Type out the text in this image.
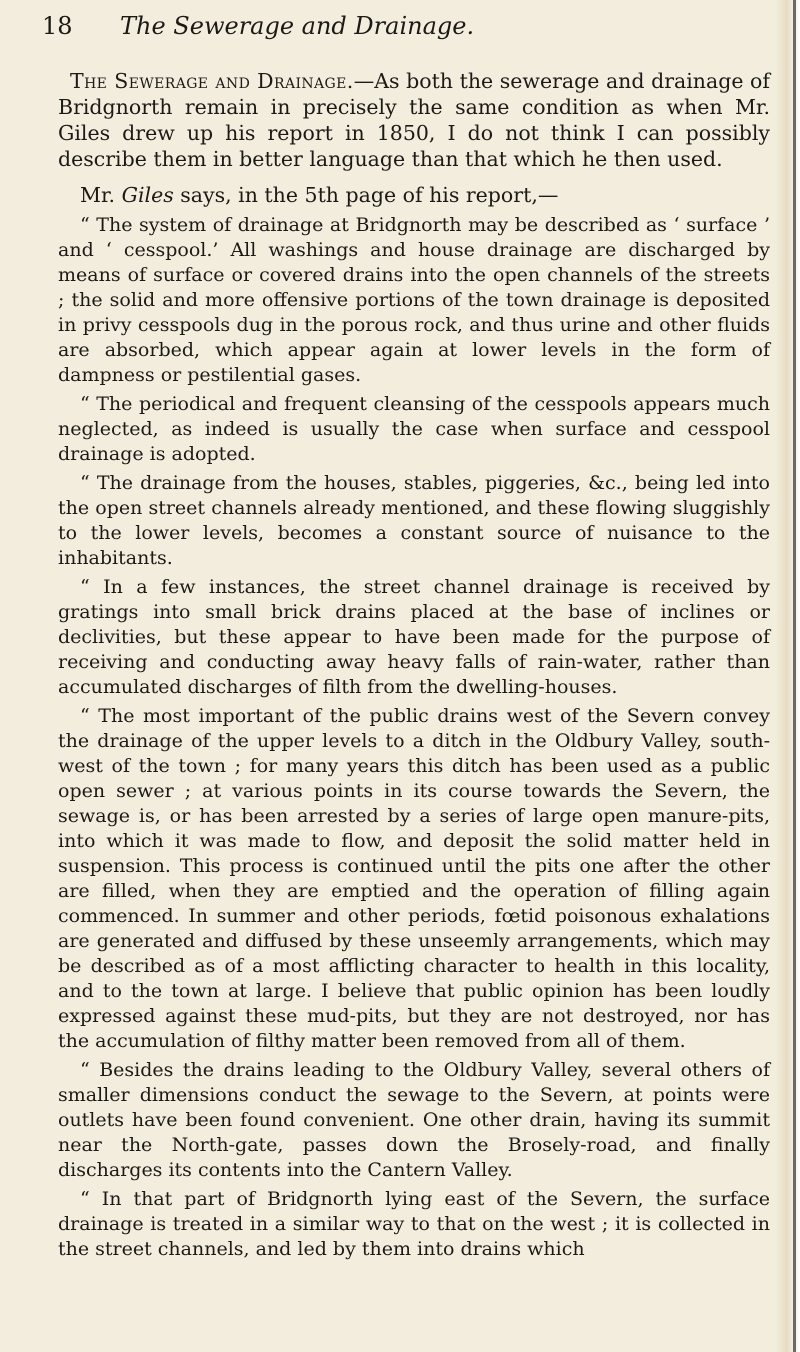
18 The Sewerage and Drainage.

The Sewerage and Drainage.—As both the sewerage and drainage of Bridgnorth remain in precisely the same condition as when Mr. Giles drew up his report in 1850, I do not think I can possibly describe them in better language than that which he then used.

Mr. Giles says, in the 5th page of his report,—

“ The system of drainage at Bridgnorth may be described as ‘ surface ’ and ‘ cesspool.’ All washings and house drainage are discharged by means of surface or covered drains into the open channels of the streets ; the solid and more offensive portions of the town drainage is deposited in privy cesspools dug in the porous rock, and thus urine and other fluids are absorbed, which appear again at lower levels in the form of dampness or pestilential gases.

“ The periodical and frequent cleansing of the cesspools appears much neglected, as indeed is usually the case when surface and cesspool drainage is adopted.

“ The drainage from the houses, stables, piggeries, &c., being led into the open street channels already mentioned, and these flowing sluggishly to the lower levels, becomes a constant source of nuisance to the inhabitants.

“ In a few instances, the street channel drainage is received by gratings into small brick drains placed at the base of inclines or declivities, but these appear to have been made for the purpose of receiving and conducting away heavy falls of rain-water, rather than accumulated discharges of filth from the dwelling-houses.

“ The most important of the public drains west of the Severn convey the drainage of the upper levels to a ditch in the Oldbury Valley, south-west of the town ; for many years this ditch has been used as a public open sewer ; at various points in its course towards the Severn, the sewage is, or has been arrested by a series of large open manure-pits, into which it was made to flow, and deposit the solid matter held in suspension. This process is continued until the pits one after the other are filled, when they are emptied and the operation of filling again commenced. In summer and other periods, fœtid poisonous exhalations are generated and diffused by these unseemly arrangements, which may be described as of a most afflicting character to health in this locality, and to the town at large. I believe that public opinion has been loudly expressed against these mud-pits, but they are not destroyed, nor has the accumulation of filthy matter been removed from all of them.

“ Besides the drains leading to the Oldbury Valley, several others of smaller dimensions conduct the sewage to the Severn, at points were outlets have been found convenient. One other drain, having its summit near the North-gate, passes down the Brosely-road, and finally discharges its contents into the Cantern Valley.

“ In that part of Bridgnorth lying east of the Severn, the surface drainage is treated in a similar way to that on the west ; it is collected in the street channels, and led by them into drains which
